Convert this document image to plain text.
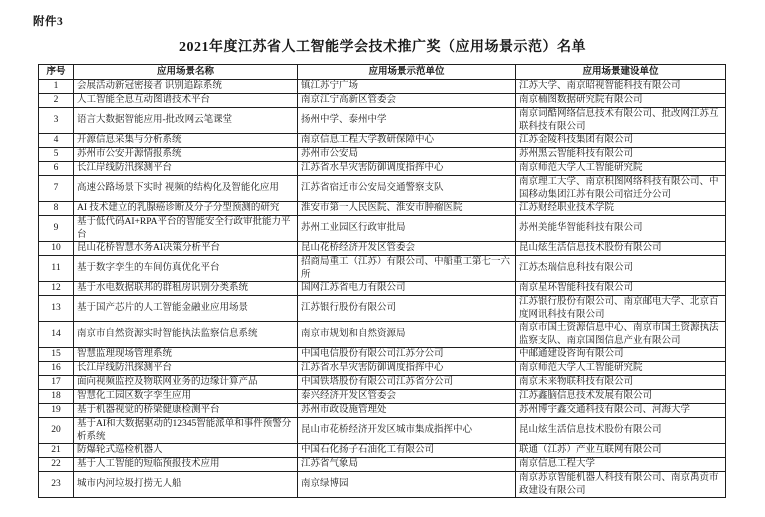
附件3
2021年度江苏省人工智能学会技术推广奖（应用场景示范）名单
序号	应用场景名称	应用场景示范单位	应用场景建设单位
1	会展活动新冠密接者 识别追踪系统	镇江苏宁广场	江苏大学、南京昭视智能科技有限公司
2	人工智能全息互动图谱技术平台	南京江宁高新区管委会	南京楠图数据研究院有限公司
3	语言大数据智能应用-批改网云笔课堂	扬州中学、泰州中学	南京词酷网络信息技术有限公司、批改网江苏互联科技有限公司
4	开源信息采集与分析系统	南京信息工程大学教研保障中心	江苏金陵科技集团有限公司
5	苏州市公安开源情报系统	苏州市公安局	苏州黑云智能科技有限公司
6	长江岸线防汛探测平台	江苏省水旱灾害防御调度指挥中心	南京师范大学人工智能研究院
7	高速公路场景下实时 视频的结构化及智能化应用	江苏省宿迁市公安局交通警察支队	南京理工大学、南京积图网络科技有限公司、中国移动集团江苏有限公司宿迁分公司
8	AI 技术建立的乳腺癌诊断及分子分型预测的研究	淮安市第一人民医院、淮安市肿瘤医院	江苏财经职业技术学院
9	基于低代码AI+RPA平台的智能安全行政审批能力平台	苏州工业园区行政审批局	苏州美能华智能科技有限公司
10	昆山花桥智慧水务AI决策分析平台	昆山花桥经济开发区管委会	昆山炫生活信息技术股份有限公司
11	基于数字孪生的车间仿真优化平台	招商局重工（江苏）有限公司、中船重工第七一六所	江苏杰瑞信息科技有限公司
12	基于水电数据联邦的群租房识别分类系统	国网江苏省电力有限公司	南京星环智能科技有限公司
13	基于国产芯片的人工智能金融业应用场景	江苏银行股份有限公司	江苏银行股份有限公司、南京邮电大学、北京百度网讯科技有限公司
14	南京市自然资源实时智能执法监察信息系统	南京市规划和自然资源局	南京市国土资源信息中心、南京市国土资源执法监察支队、南京国图信息产业有限公司
15	智慧监理现场管理系统	中国电信股份有限公司江苏分公司	中邮通建设咨询有限公司
16	长江岸线防汛探测平台	江苏省水旱灾害防御调度指挥中心	南京师范大学人工智能研究院
17	面向视频监控及物联网业务的边缘计算产品	中国铁塔股份有限公司江苏省分公司	南京未来物联科技有限公司
18	智慧化工园区数字孪生应用	泰兴经济开发区管委会	江苏鑫脑信息技术发展有限公司
19	基于机器视觉的桥梁健康检测平台	苏州市政设施管理处	苏州博宇鑫交通科技有限公司、河海大学
20	基于AI和大数据驱动的12345智能派单和事件预警分析系统	昆山市花桥经济开发区城市集成指挥中心	昆山炫生活信息技术股份有限公司
21	防爆轮式巡检机器人	中国石化扬子石油化工有限公司	联通（江苏）产业互联网有限公司
22	基于人工智能的短临预报技术应用	江苏省气象局	南京信息工程大学
23	城市内河垃圾打捞无人船	南京绿博园	南京苏京智能机器人科技有限公司、南京禹贡市政建设有限公司
